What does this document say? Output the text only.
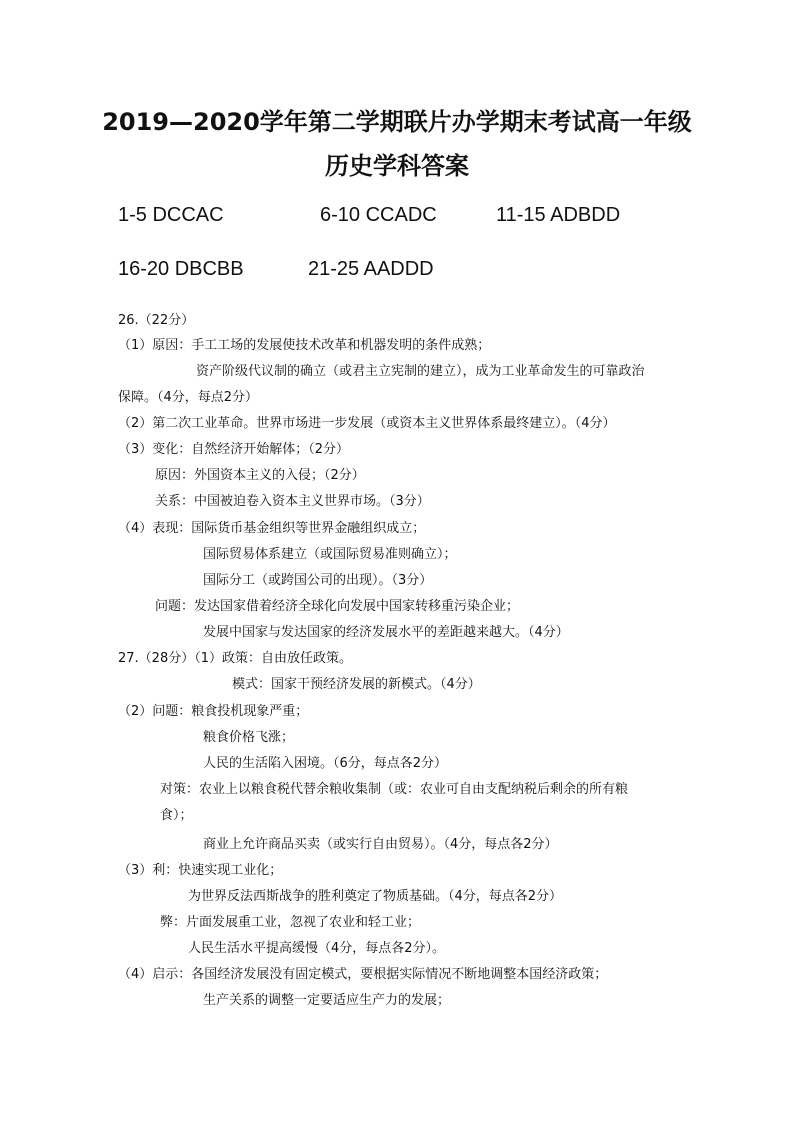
2019—2020学年第二学期联片办学期末考试高一年级
历史学科答案
1-5 DCCAC	6-10 CCADC	11-15 ADBDD
16-20 DBCBB	21-25 AADDD
26.（22分）
（1）原因：手工工场的发展使技术改革和机器发明的条件成熟；
资产阶级代议制的确立（或君主立宪制的建立），成为工业革命发生的可靠政治
保障。（4分，每点2分）
（2）第二次工业革命。世界市场进一步发展（或资本主义世界体系最终建立）。（4分）
（3）变化：自然经济开始解体；（2分）
原因：外国资本主义的入侵；（2分）
关系：中国被迫卷入资本主义世界市场。（3分）
（4）表现：国际货币基金组织等世界金融组织成立；
国际贸易体系建立（或国际贸易准则确立）；
国际分工（或跨国公司的出现）。（3分）
问题：发达国家借着经济全球化向发展中国家转移重污染企业；
发展中国家与发达国家的经济发展水平的差距越来越大。（4分）
27.（28分）（1）政策：自由放任政策。
模式：国家干预经济发展的新模式。（4分）
（2）问题：粮食投机现象严重；
粮食价格飞涨；
人民的生活陷入困境。（6分，每点各2分）
对策：农业上以粮食税代替余粮收集制（或：农业可自由支配纳税后剩余的所有粮
食）；
商业上允许商品买卖（或实行自由贸易）。（4分，每点各2分）
（3）利：快速实现工业化；
为世界反法西斯战争的胜利奠定了物质基础。（4分，每点各2分）
弊：片面发展重工业，忽视了农业和轻工业；
人民生活水平提高缓慢（4分，每点各2分）。
（4）启示：各国经济发展没有固定模式，要根据实际情况不断地调整本国经济政策；
生产关系的调整一定要适应生产力的发展；
